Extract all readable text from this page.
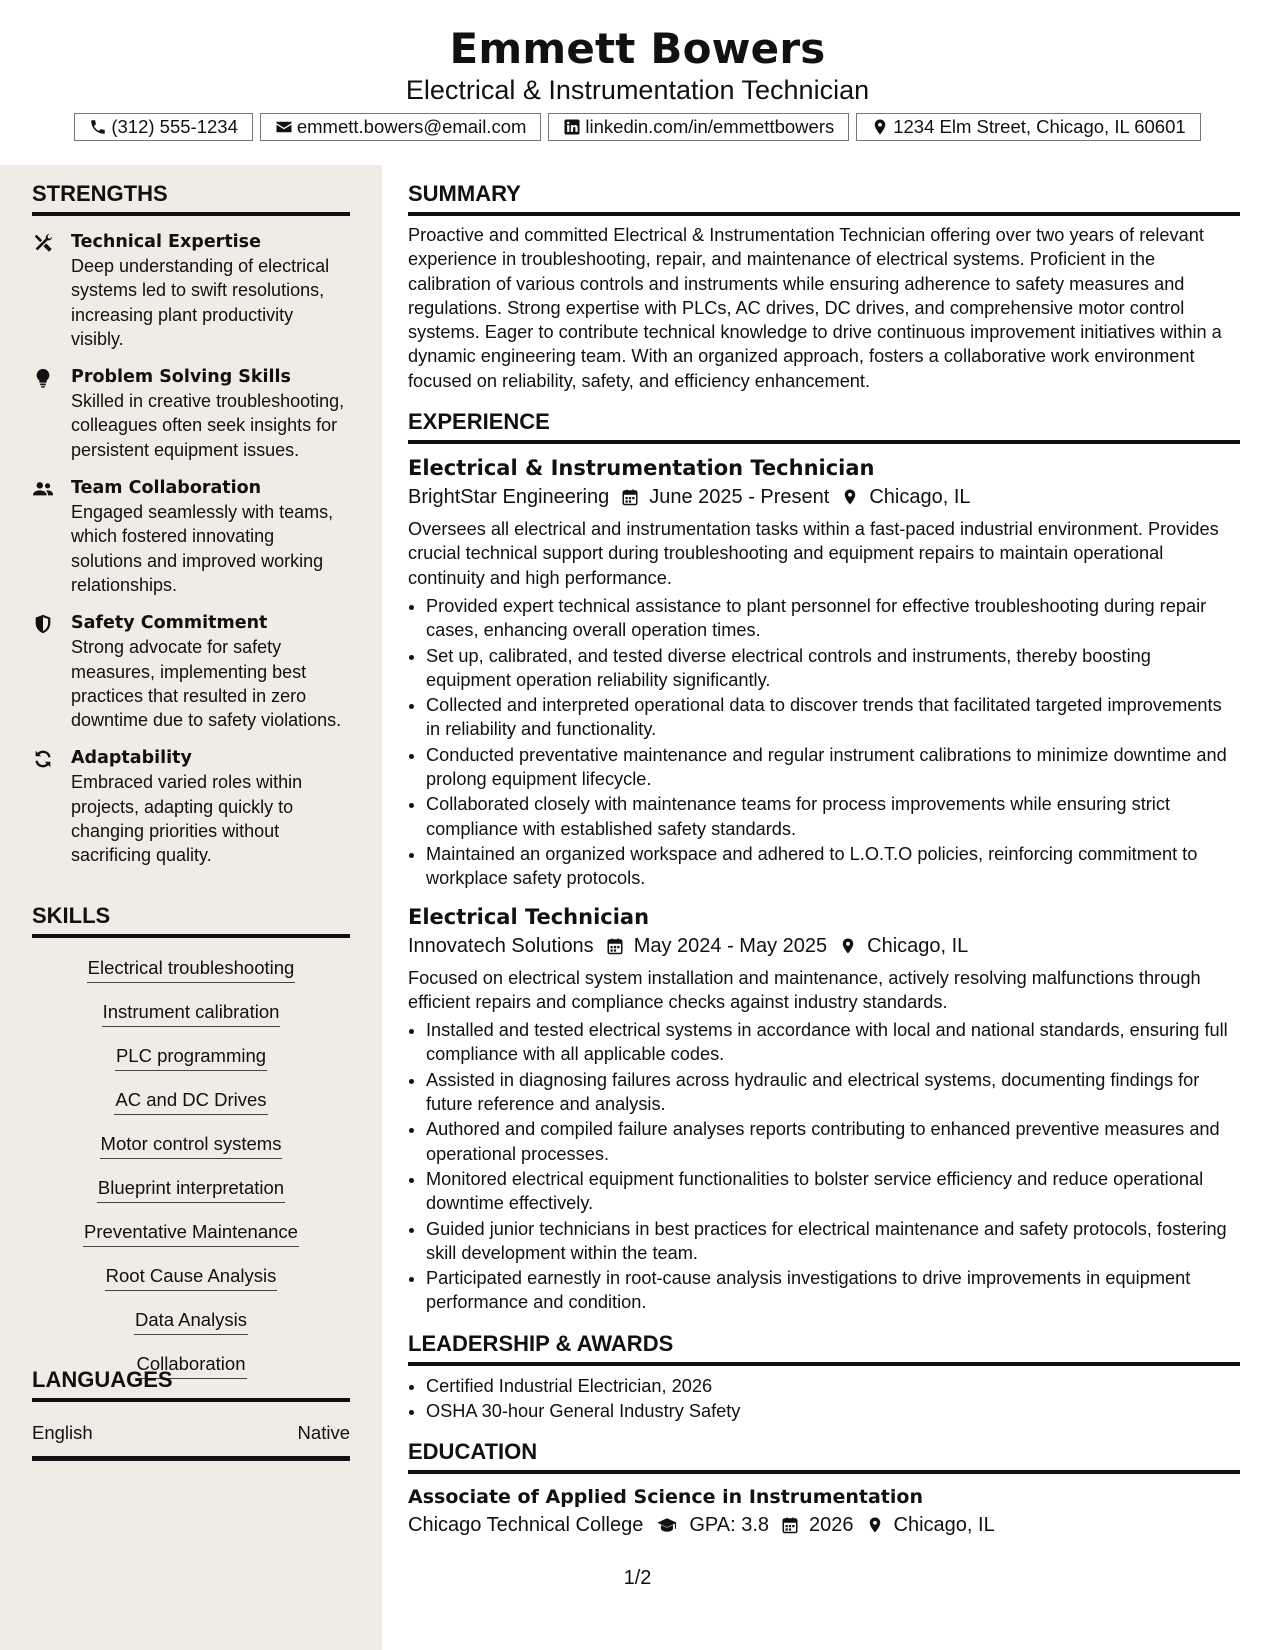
Emmett Bowers
Electrical & Instrumentation Technician
(312) 555-1234	emmett.bowers@email.com	linkedin.com/in/emmettbowers	1234 Elm Street, Chicago, IL 60601
STRENGTHS
Technical Expertise
Deep understanding of electrical systems led to swift resolutions, increasing plant productivity visibly.
Problem Solving Skills
Skilled in creative troubleshooting, colleagues often seek insights for persistent equipment issues.
Team Collaboration
Engaged seamlessly with teams, which fostered innovating solutions and improved working relationships.
Safety Commitment
Strong advocate for safety measures, implementing best practices that resulted in zero downtime due to safety violations.
Adaptability
Embraced varied roles within projects, adapting quickly to changing priorities without sacrificing quality.
SKILLS
Electrical troubleshooting
Instrument calibration
PLC programming
AC and DC Drives
Motor control systems
Blueprint interpretation
Preventative Maintenance
Root Cause AnalysisData Analysis
Collaboration
LANGUAGES
English	Native
SUMMARY

Proactive and committed Electrical & Instrumentation Technician offering over two years of relevant experience in troubleshooting, repair, and maintenance of electrical systems. Proficient in the calibration of various controls and instruments while ensuring adherence to safety measures and regulations. Strong expertise with PLCs, AC drives, DC drives, and comprehensive motor control systems. Eager to contribute technical knowledge to drive continuous improvement initiatives within a dynamic engineering team. With an organized approach, fosters a collaborative work environment focused on reliability, safety, and efficiency enhancement.

EXPERIENCE
Electrical & Instrumentation Technician
BrightStar Engineering June 2025 - Present Chicago, IL

Oversees all electrical and instrumentation tasks within a fast-paced industrial environment. Provides crucial technical support during troubleshooting and equipment repairs to maintain operational continuity and high performance.

• Provided expert technical assistance to plant personnel for effective troubleshooting during repair cases, enhancing overall operation times.
• Set up, calibrated, and tested diverse electrical controls and instruments, thereby boosting equipment operation reliability significantly.
• Collected and interpreted operational data to discover trends that facilitated targeted improvements in reliability and functionality.
• Conducted preventative maintenance and regular instrument calibrations to minimize downtime and prolong equipment lifecycle.
• Collaborated closely with maintenance teams for process improvements while ensuring strict compliance with established safety standards.
• Maintained an organized workspace and adhered to L.O.T.O policies, reinforcing commitment to workplace safety protocols.
Electrical Technician
Innovatech Solutions May 2024 - May 2025 Chicago, IL

Focused on electrical system installation and maintenance, actively resolving malfunctions through efficient repairs and compliance checks against industry standards.

• Installed and tested electrical systems in accordance with local and national standards, ensuring full compliance with all applicable codes.
• Assisted in diagnosing failures across hydraulic and electrical systems, documenting findings for future reference and analysis.
• Authored and compiled failure analyses reports contributing to enhanced preventive measures and operational processes.
• Monitored electrical equipment functionalities to bolster service efficiency and reduce operational downtime effectively.
• Guided junior technicians in best practices for electrical maintenance and safety protocols, fostering skill development within the team.
• Participated earnestly in root-cause analysis investigations to drive improvements in equipment performance and condition.
LEADERSHIP & AWARDS
• Certified Industrial Electrician, 2026
• OSHA 30-hour General Industry Safety
EDUCATION
Associate of Applied Science in Instrumentation
Chicago Technical College GPA: 3.8 2026 Chicago, IL
1/2
